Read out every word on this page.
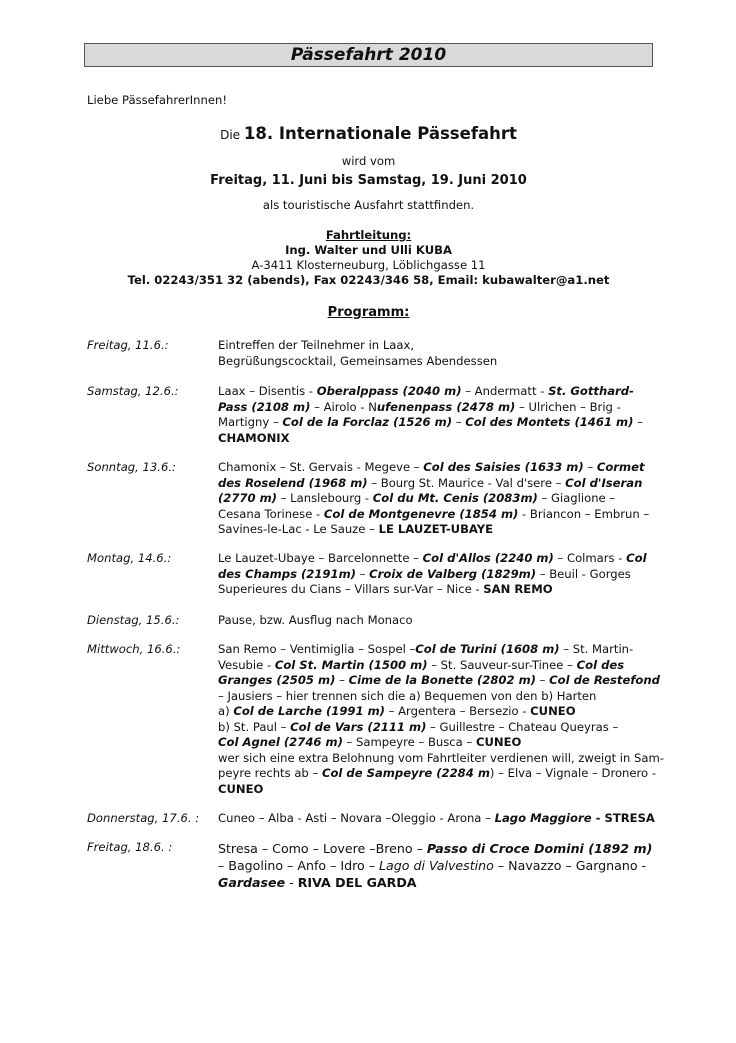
Pässefahrt 2010
Liebe PässefahrerInnen!
Die 18. Internationale Pässefahrt
wird vom
Freitag, 11. Juni bis Samstag, 19. Juni 2010
als touristische Ausfahrt stattfinden.
Fahrtleitung:
Ing. Walter und Ulli KUBA
A-3411 Klosterneuburg, Löblichgasse 11
Tel. 02243/351 32 (abends), Fax 02243/346 58, Email: kubawalter@a1.net
Programm:
Freitag, 11.6.:	Eintreffen der Teilnehmer in Laax,
Begrüßungscocktail, Gemeinsames Abendessen
Samstag, 12.6.:	Laax – Disentis - Oberalppass (2040 m) – Andermatt - St. Gotthard-
Pass (2108 m) – Airolo - Nufenenpass (2478 m) – Ulrichen – Brig -
Martigny – Col de la Forclaz (1526 m) – Col des Montets (1461 m) –
CHAMONIX
Sonntag, 13.6.:	Chamonix – St. Gervais - Megeve – Col des Saisies (1633 m) – Cormet
des Roselend (1968 m) – Bourg St. Maurice - Val d'sere – Col d'Iseran
(2770 m) – Lanslebourg - Col du Mt. Cenis (2083m) – Giaglione –
Cesana Torinese - Col de Montgenevre (1854 m) - Briancon – Embrun –
Savines-le-Lac - Le Sauze – LE LAUZET-UBAYE
Montag, 14.6.:	Le Lauzet-Ubaye – Barcelonnette – Col d'Allos (2240 m) – Colmars - Col
des Champs (2191m) – Croix de Valberg (1829m) – Beuil - Gorges
Superieures du Cians – Villars sur-Var – Nice - SAN REMO
Dienstag, 15.6.:	Pause, bzw. Ausflug nach Monaco
Mittwoch, 16.6.:	San Remo – Ventimiglia – Sospel –Col de Turini (1608 m) – St. Martin-
Vesubie - Col St. Martin (1500 m) – St. Sauveur-sur-Tinee – Col des
Granges (2505 m) – Cime de la Bonette (2802 m) – Col de Restefond
– Jausiers – hier trennen sich die a) Bequemen von den b) Harten
a) Col de Larche (1991 m) – Argentera – Bersezio - CUNEO
b) St. Paul – Col de Vars (2111 m) – Guillestre – Chateau Queyras –
Col Agnel (2746 m) – Sampeyre – Busca – CUNEO
wer sich eine extra Belohnung vom Fahrtleiter verdienen will, zweigt in Sam-
peyre rechts ab – Col de Sampeyre (2284 m) – Elva – Vignale – Dronero -
CUNEO
Donnerstag, 17.6. : Cuneo – Alba - Asti – Novara –Oleggio - Arona – Lago Maggiore - STRESA
Freitag, 18.6. :	Stresa – Como – Lovere –Breno – Passo di Croce Domini (1892 m)
– Bagolino – Anfo – Idro – Lago di Valvestino – Navazzo – Gargnano -
Gardasee - RIVA DEL GARDA
